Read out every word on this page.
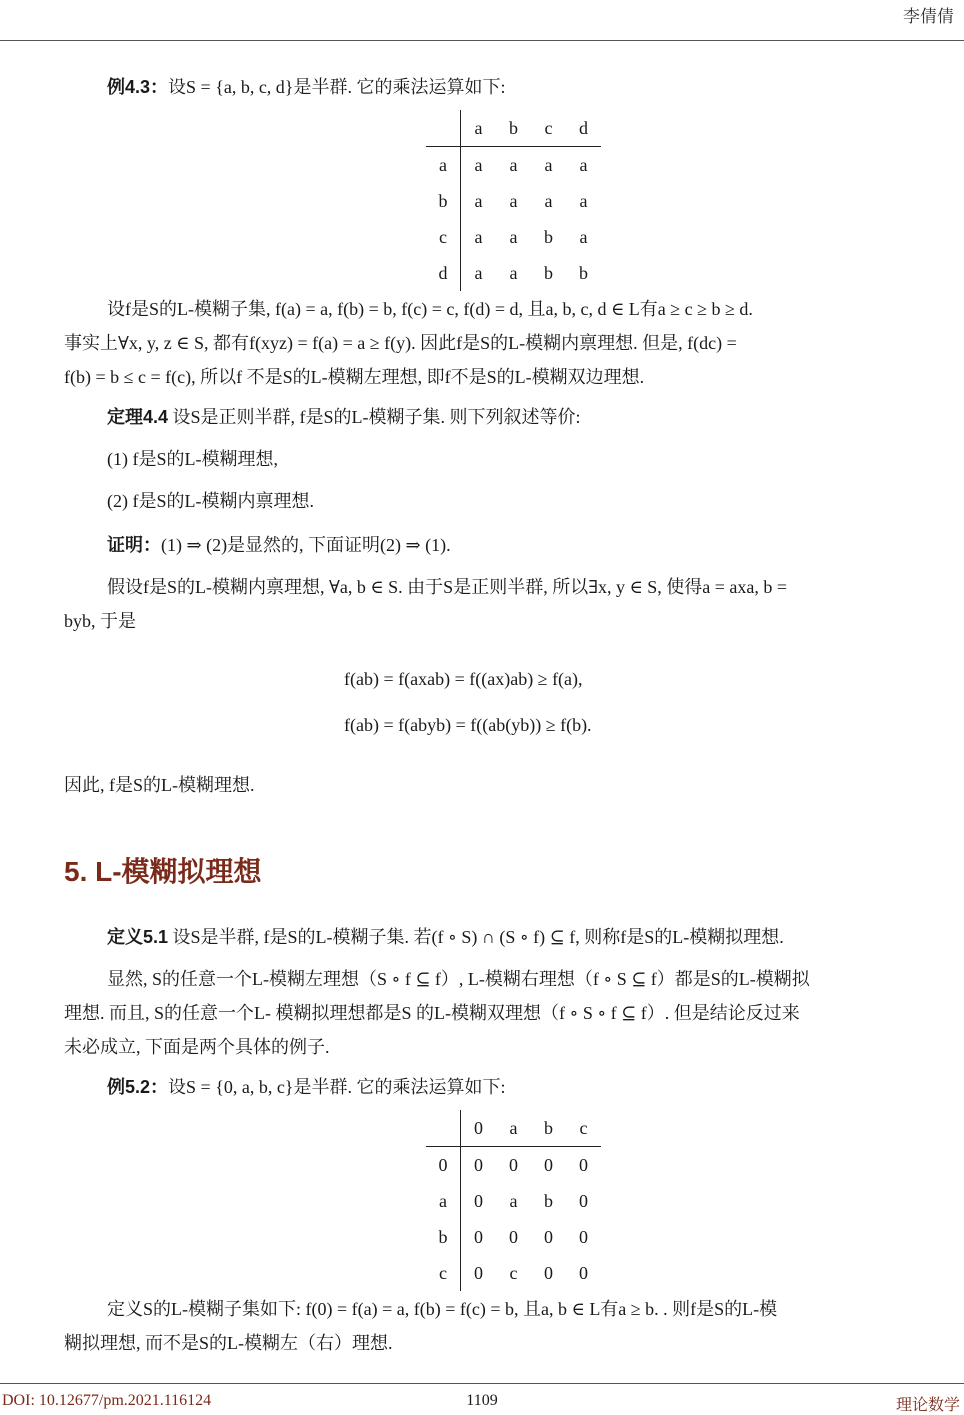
李倩倩
例4.3：设S = {a, b, c, d}是半群. 它的乘法运算如下:
	a	b	c	d
a	a	a	a	a
b	a	a	a	a
c	a	a	b	a
d	a	a	b	b
设f是S的L-模糊子集, f(a) = a, f(b) = b, f(c) = c, f(d) = d, 且a, b, c, d ∈ L有a ≥ c ≥ b ≥ d.
事实上∀x, y, z ∈ S, 都有f(xyz) = f(a) = a ≥ f(y). 因此f是S的L-模糊内禀理想. 但是, f(dc) =
f(b) = b ≤ c = f(c), 所以f 不是S的L-模糊左理想, 即f不是S的L-模糊双边理想.
定理4.4 设S是正则半群, f是S的L-模糊子集. 则下列叙述等价:
(1) f是S的L-模糊理想,
(2) f是S的L-模糊内禀理想.
证明：(1) ⇒ (2)是显然的, 下面证明(2) ⇒ (1).
假设f是S的L-模糊内禀理想, ∀a, b ∈ S. 由于S是正则半群, 所以∃x, y ∈ S, 使得a = axa, b =
byb, 于是
f(ab) = f(axab) = f((ax)ab) ≥ f(a),
f(ab) = f(abyb) = f((ab(yb)) ≥ f(b).
因此, f是S的L-模糊理想.
5. L-模糊拟理想
定义5.1 设S是半群, f是S的L-模糊子集. 若(f ∘ S) ∩ (S ∘ f) ⊆ f, 则称f是S的L-模糊拟理想.
显然, S的任意一个L-模糊左理想（S ∘ f ⊆ f）, L-模糊右理想（f ∘ S ⊆ f）都是S的L-模糊拟
理想. 而且, S的任意一个L- 模糊拟理想都是S 的L-模糊双理想（f ∘ S ∘ f ⊆ f）. 但是结论反过来
未必成立, 下面是两个具体的例子.
例5.2：设S = {0, a, b, c}是半群. 它的乘法运算如下:
	0	a	b	c
0	0	0	0	0
a	0	a	b	0
b	0	0	0	0
c	0	c	0	0
定义S的L-模糊子集如下: f(0) = f(a) = a, f(b) = f(c) = b, 且a, b ∈ L有a ≥ b. . 则f是S的L-模
糊拟理想, 而不是S的L-模糊左（右）理想.
DOI: 10.12677/pm.2021.116124	1109	理论数学
